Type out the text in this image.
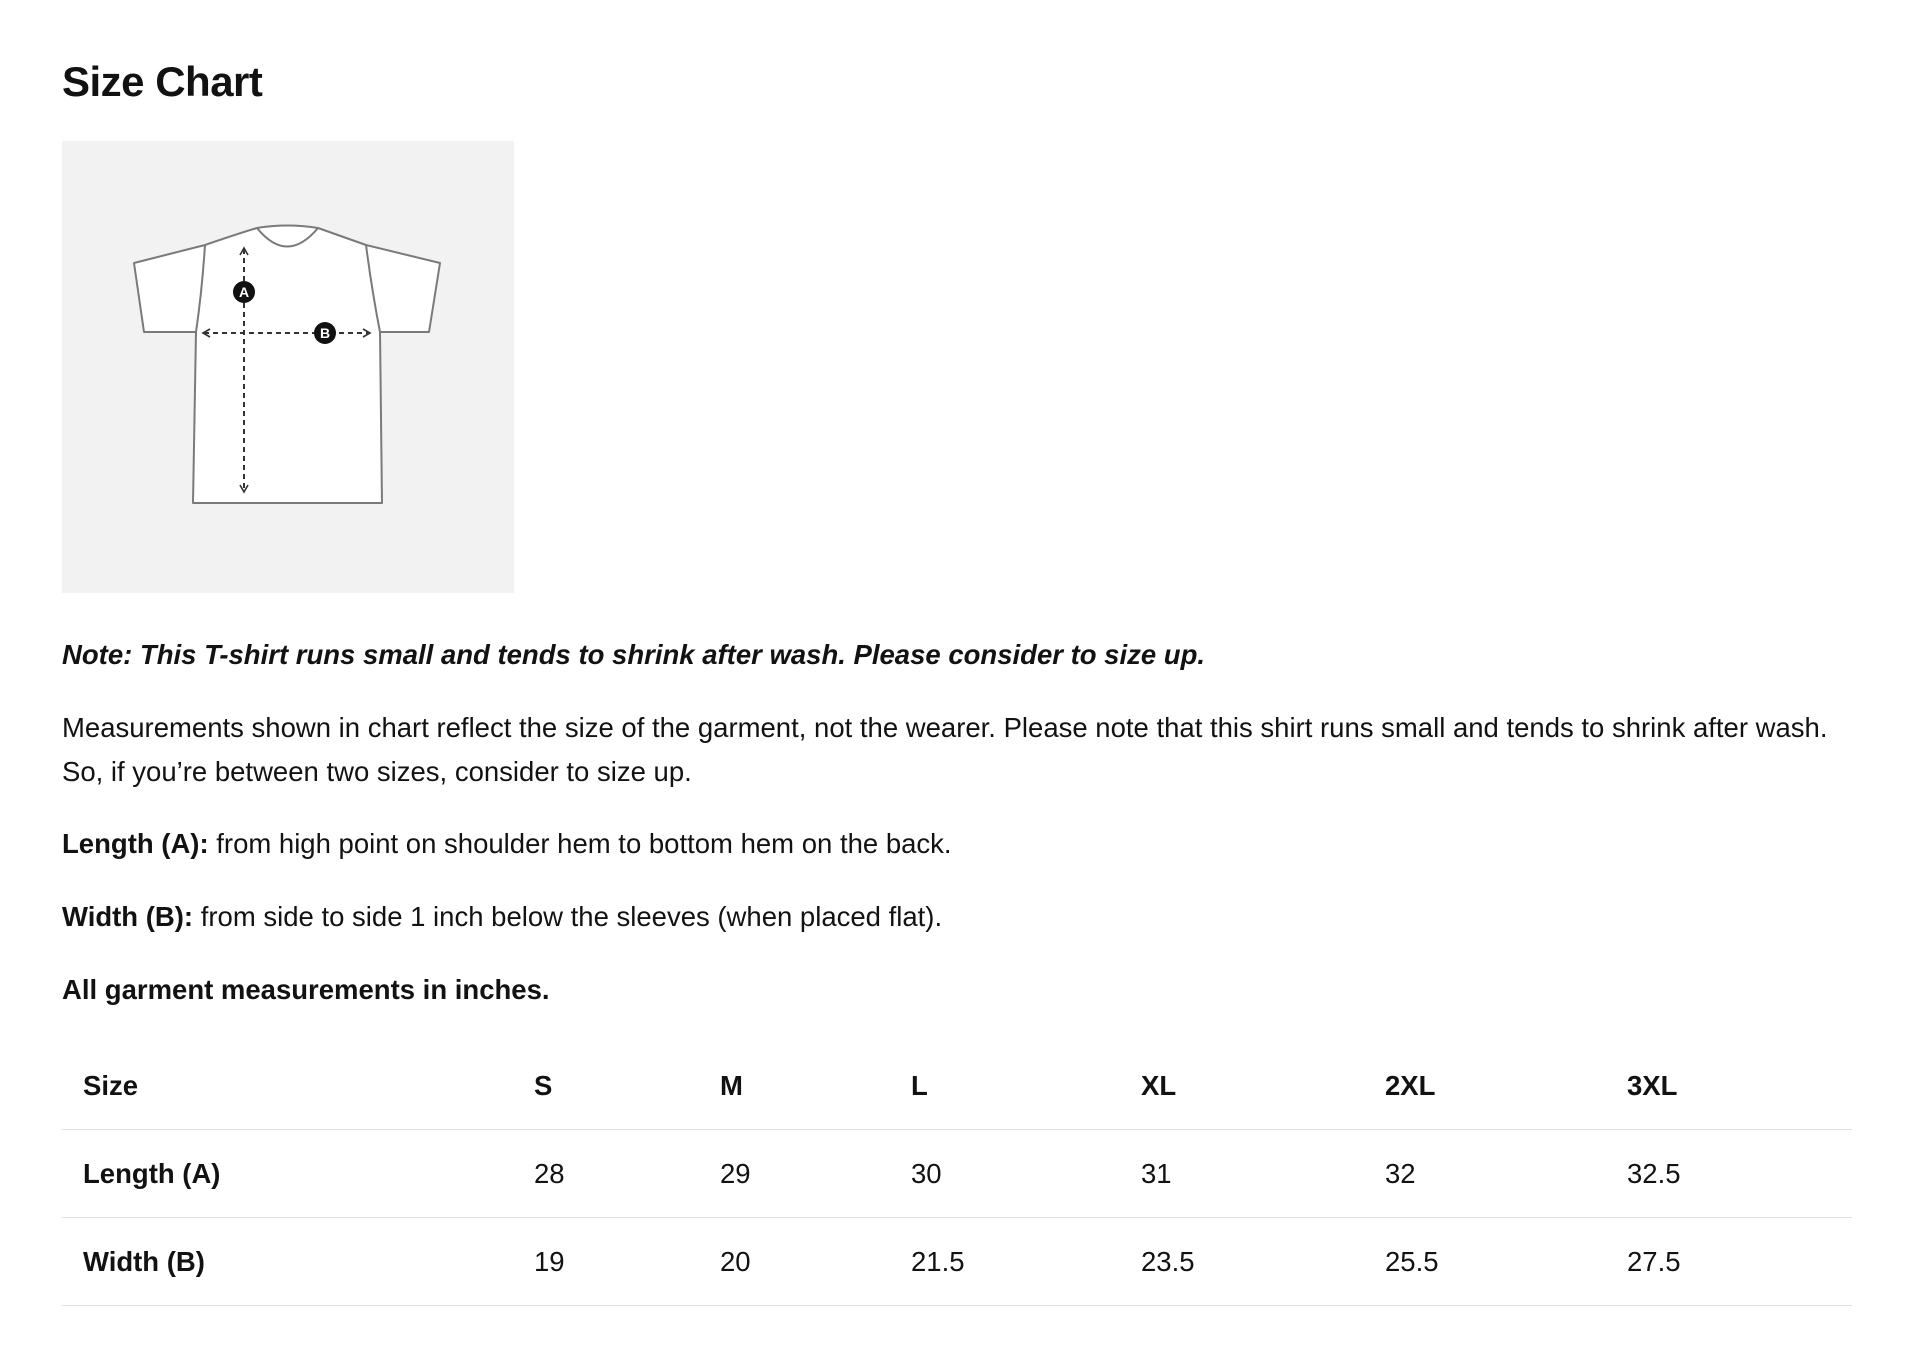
Size Chart
A
B

Note: This T-shirt runs small and tends to shrink after wash. Please consider to size up.

Measurements shown in chart reflect the size of the garment, not the wearer. Please note that this shirt runs small and tends to shrink after wash. So, if you’re between two sizes, consider to size up.

Length (A): from high point on shoulder hem to bottom hem on the back.

Width (B): from side to side 1 inch below the sleeves (when placed flat).

All garment measurements in inches.

Size	S	M	L	XL	2XL	3XL
Length (A)	28	29	30	31	32	32.5
Width (B)	19	20	21.5	23.5	25.5	27.5
